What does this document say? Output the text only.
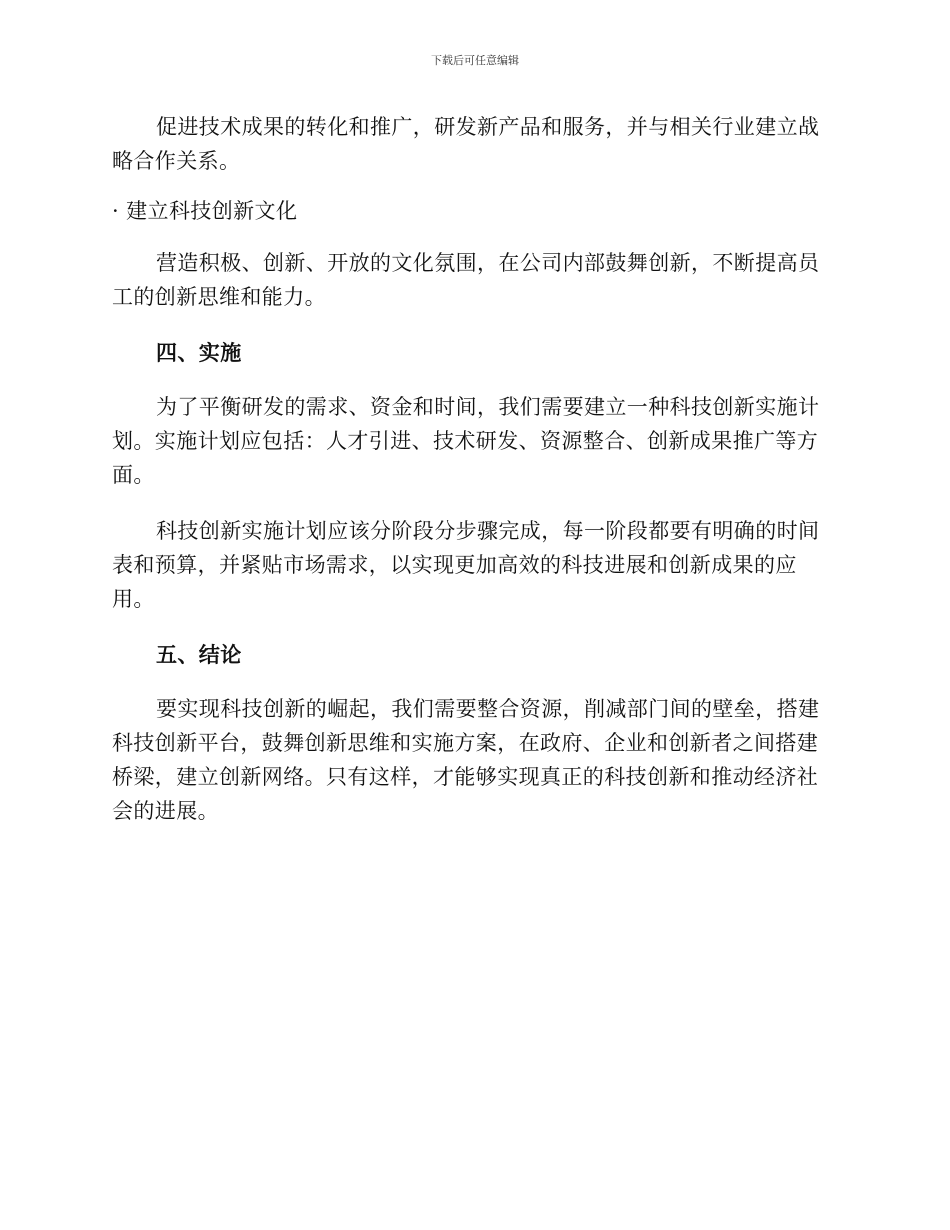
下载后可任意编辑

促进技术成果的转化和推广，研发新产品和服务，并与相关行业建立战略合作关系。

· 建立科技创新文化

营造积极、创新、开放的文化氛围，在公司内部鼓舞创新，不断提高员工的创新思维和能力。

四、实施

为了平衡研发的需求、资金和时间，我们需要建立一种科技创新实施计划。实施计划应包括：人才引进、技术研发、资源整合、创新成果推广等方面。

科技创新实施计划应该分阶段分步骤完成，每一阶段都要有明确的时间表和预算，并紧贴市场需求，以实现更加高效的科技进展和创新成果的应用。

五、结论

要实现科技创新的崛起，我们需要整合资源，削减部门间的壁垒，搭建科技创新平台，鼓舞创新思维和实施方案，在政府、企业和创新者之间搭建桥梁，建立创新网络。只有这样，才能够实现真正的科技创新和推动经济社会的进展。
